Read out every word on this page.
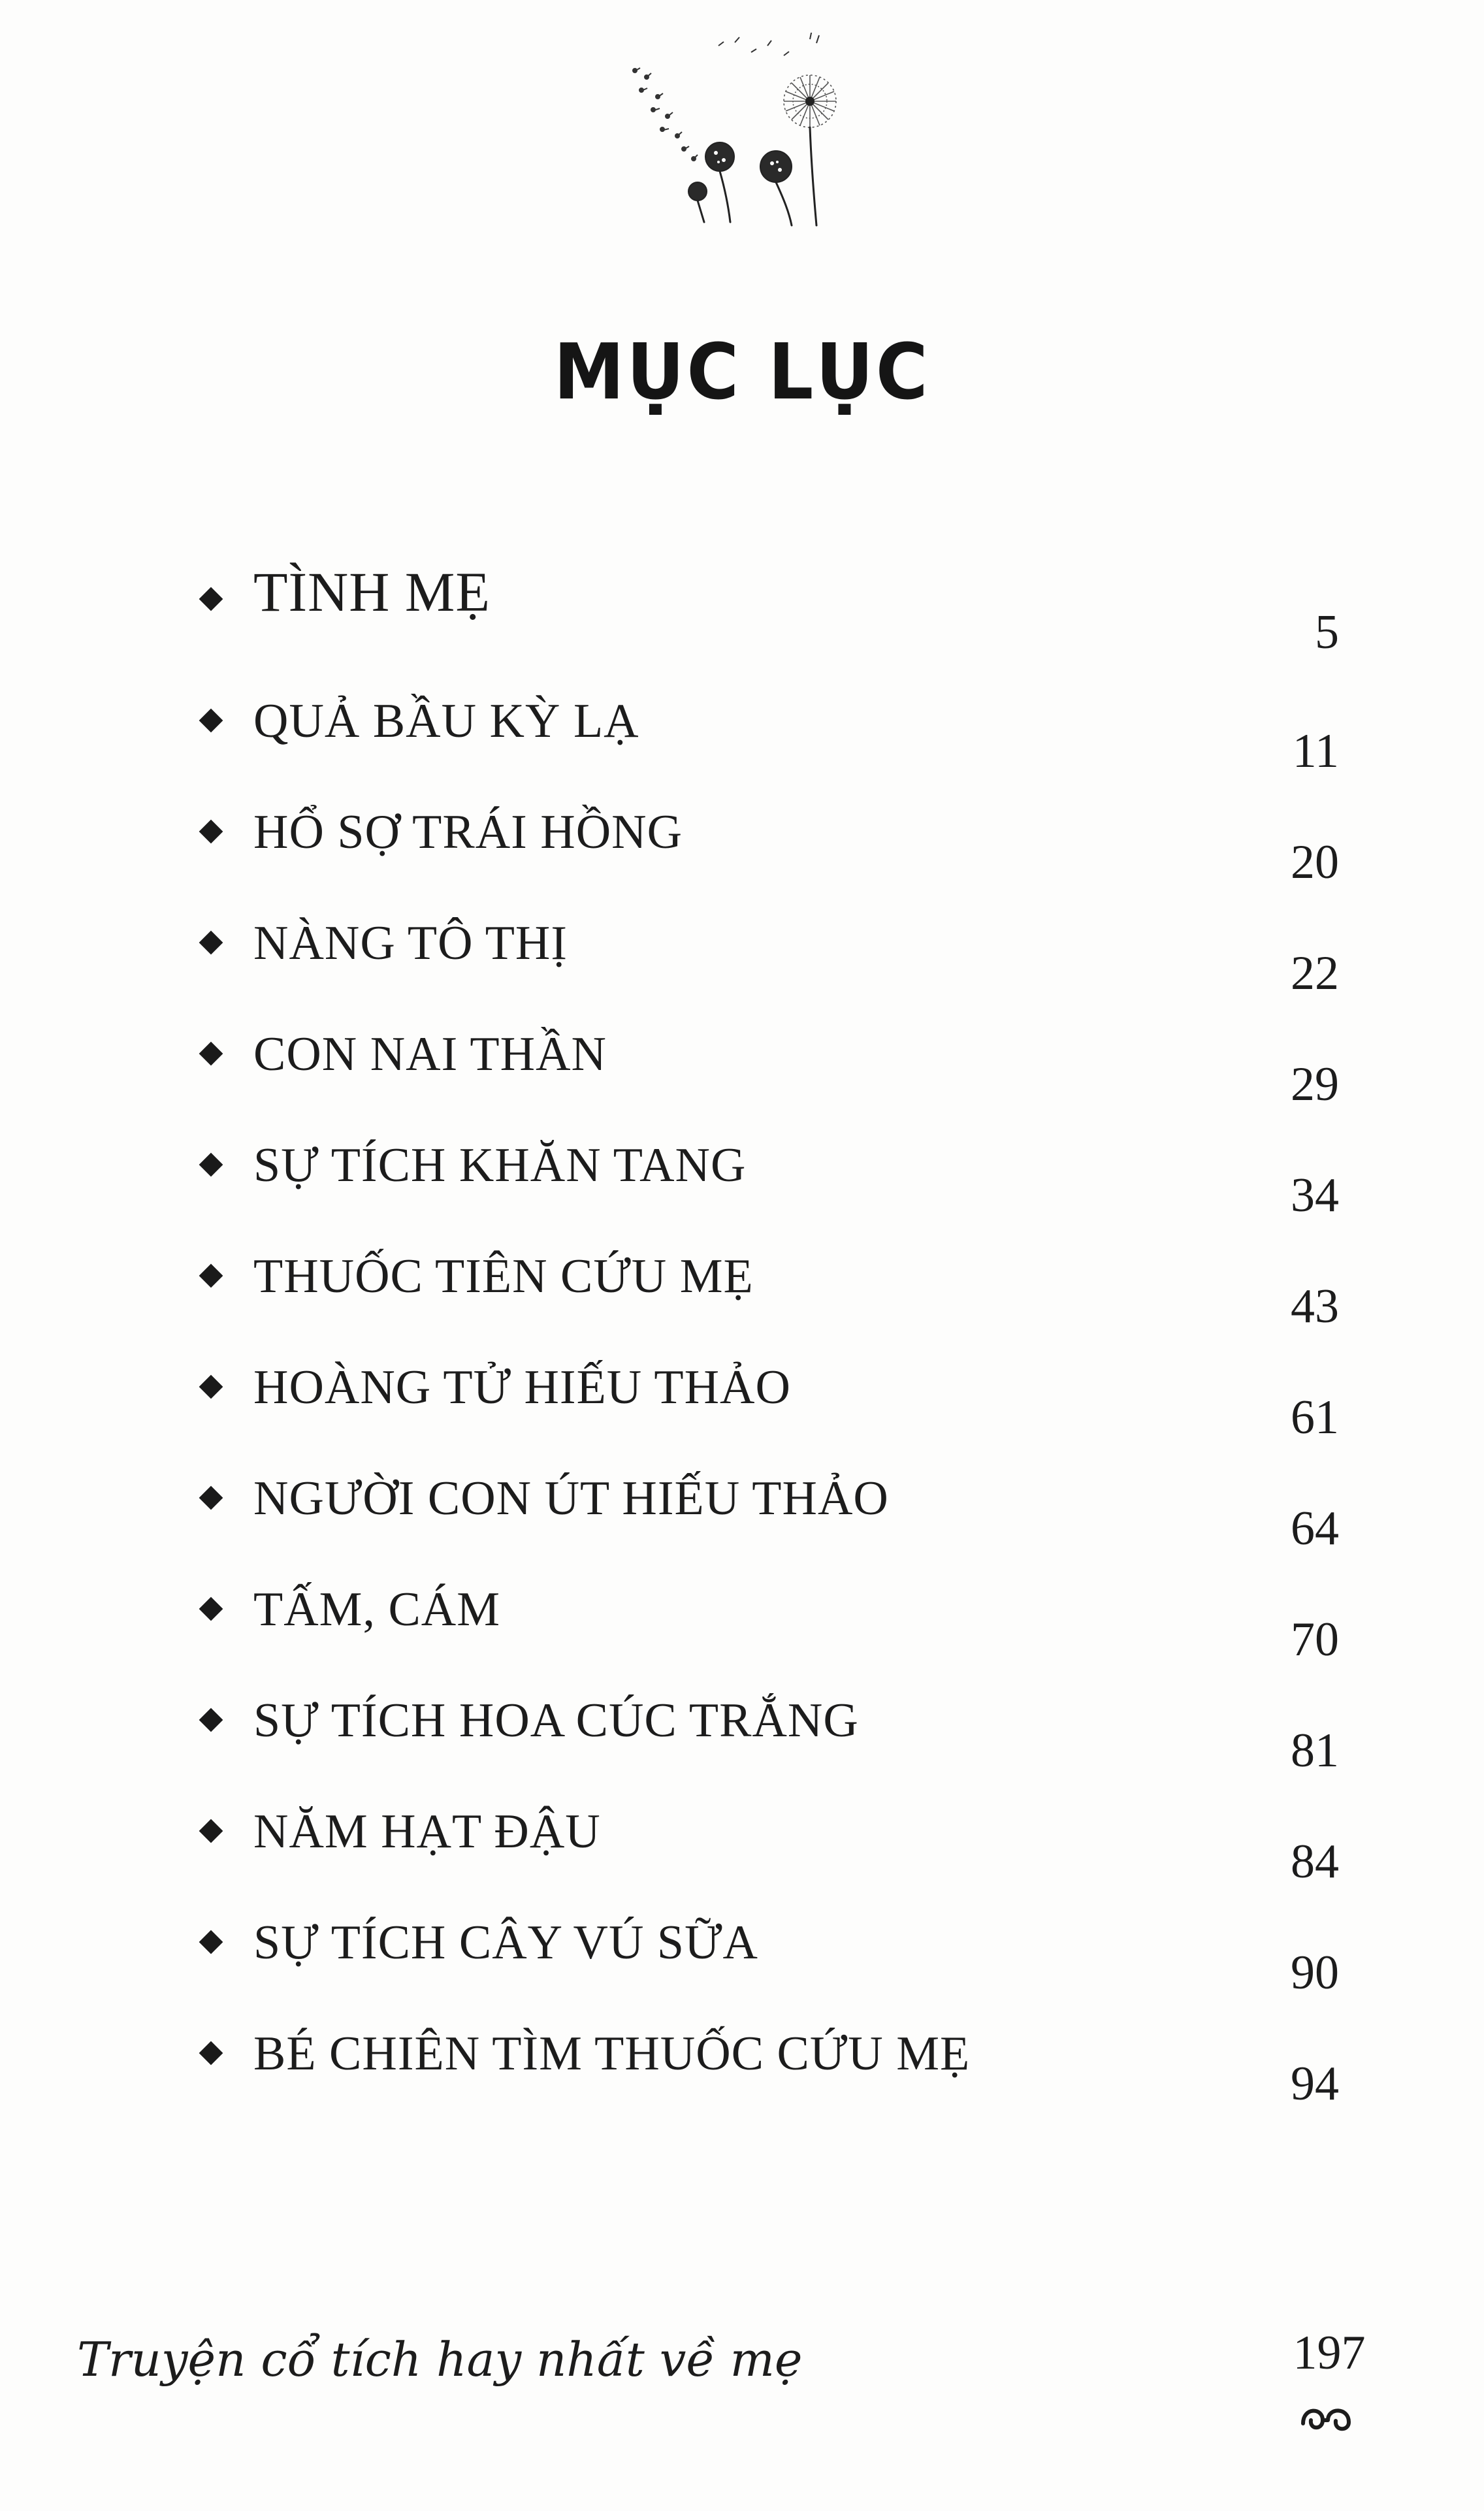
MỤC LỤC
TÌNH MẸ
5
QUẢ BẦU KỲ LẠ
11
HỔ SỢ TRÁI HỒNG
20
NÀNG TÔ THỊ
22
CON NAI THẦN
29
SỰ TÍCH KHĂN TANG
34
THUỐC TIÊN CỨU MẸ
43
HOÀNG TỬ HIẾU THẢO
61
NGƯỜI CON ÚT HIẾU THẢO
64
TẤM, CÁM
70
SỰ TÍCH HOA CÚC TRẮNG
81
NĂM HẠT ĐẬU
84
SỰ TÍCH CÂY VÚ SỮA
90
BÉ CHIÊN TÌM THUỐC CỨU MẸ
94
Truyện cổ tích hay nhất về mẹ	197
